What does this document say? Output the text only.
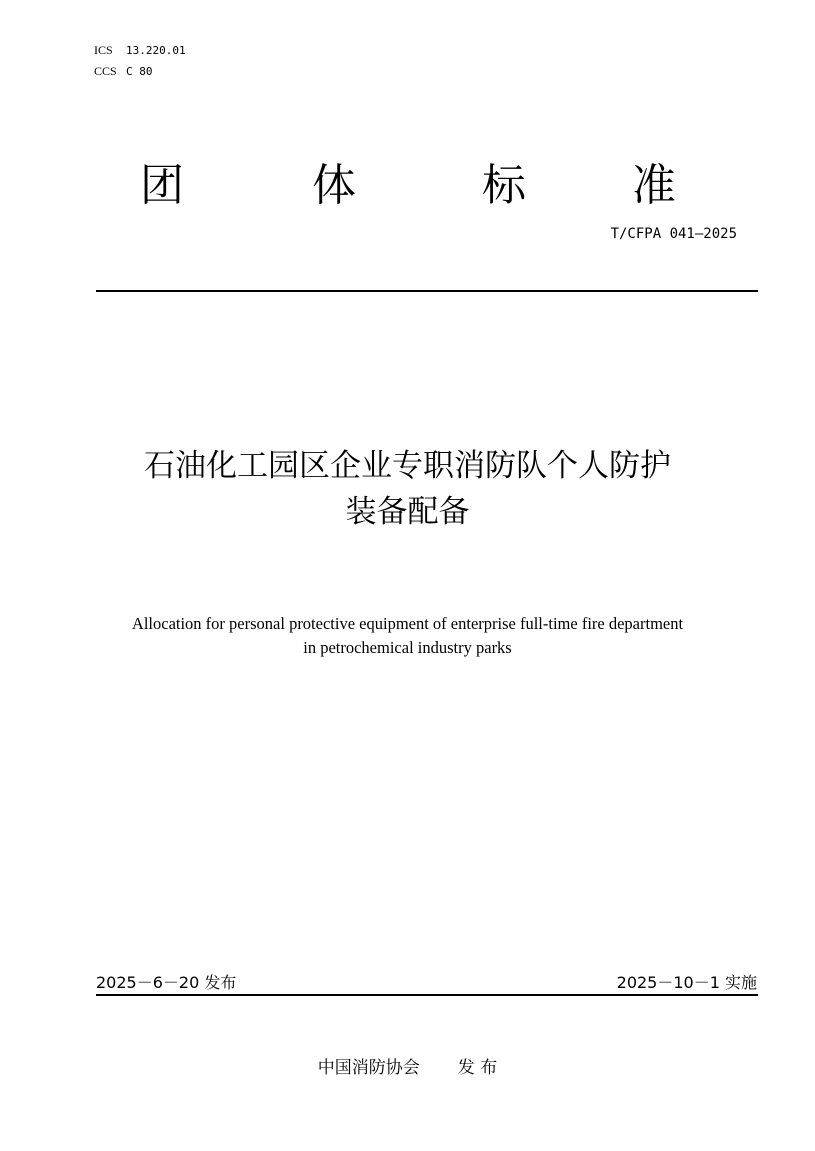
ICS 13.220.01
CCS C 80
团	体	标 准
T/CFPA 041—2025
石油化工园区企业专职消防队个人防护
装备配备
Allocation for personal protective equipment of enterprise full-time fire department
in petrochemical industry parks
2025－6－20 发布	2025－10－1 实施
中国消防协会 发 布
